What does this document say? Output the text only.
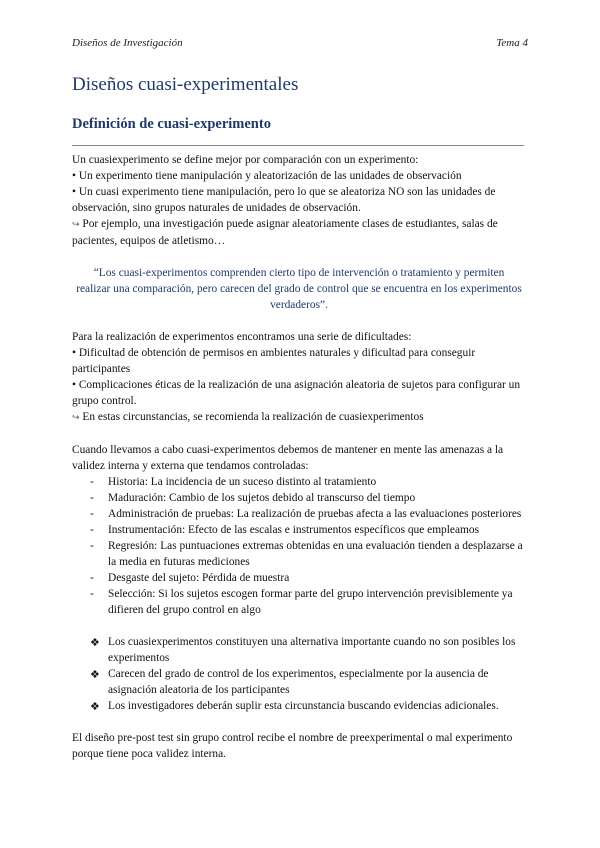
Diseños de Investigación	Tema 4
Diseños cuasi-experimentales
Definición de cuasi-experimento

Un cuasiexperimento se define mejor por comparación con un experimento:

• Un experimento tiene manipulación y aleatorización de las unidades de observación

• Un cuasi experimento tiene manipulación, pero lo que se aleatoriza NO son las unidades de observación, sino grupos naturales de unidades de observación.

↪ Por ejemplo, una investigación puede asignar aleatoriamente clases de estudiantes, salas de pacientes, equipos de atletismo…

“Los cuasi-experimentos comprenden cierto tipo de intervención o tratamiento y permiten realizar una comparación, pero carecen del grado de control que se encuentra en los experimentos verdaderos”.

Para la realización de experimentos encontramos una serie de dificultades:

• Dificultad de obtención de permisos en ambientes naturales y dificultad para conseguir participantes

• Complicaciones éticas de la realización de una asignación aleatoria de sujetos para configurar un grupo control.

↪ En estas circunstancias, se recomienda la realización de cuasiexperimentos

Cuando llevamos a cabo cuasi-experimentos debemos de mantener en mente las amenazas a la validez interna y externa que tendamos controladas:

- Historia: La incidencia de un suceso distinto al tratamiento
- Maduración: Cambio de los sujetos debido al transcurso del tiempo
- Administración de pruebas: La realización de pruebas afecta a las evaluaciones posteriores
- Instrumentación: Efecto de las escalas e instrumentos específicos que empleamos
- Regresión: Las puntuaciones extremas obtenidas en una evaluación tienden a desplazarse a la media en futuras mediciones
- Desgaste del sujeto: Pérdida de muestra
- Selección: Si los sujetos escogen formar parte del grupo intervención previsiblemente ya difieren del grupo control en algo
❖ Los cuasiexperimentos constituyen una alternativa importante cuando no son posibles los experimentos
❖ Carecen del grado de control de los experimentos, especialmente por la ausencia de asignación aleatoria de los participantes
❖ Los investigadores deberán suplir esta circunstancia buscando evidencias adicionales.

El diseño pre-post test sin grupo control recibe el nombre de preexperimental o mal experimento porque tiene poca validez interna.
